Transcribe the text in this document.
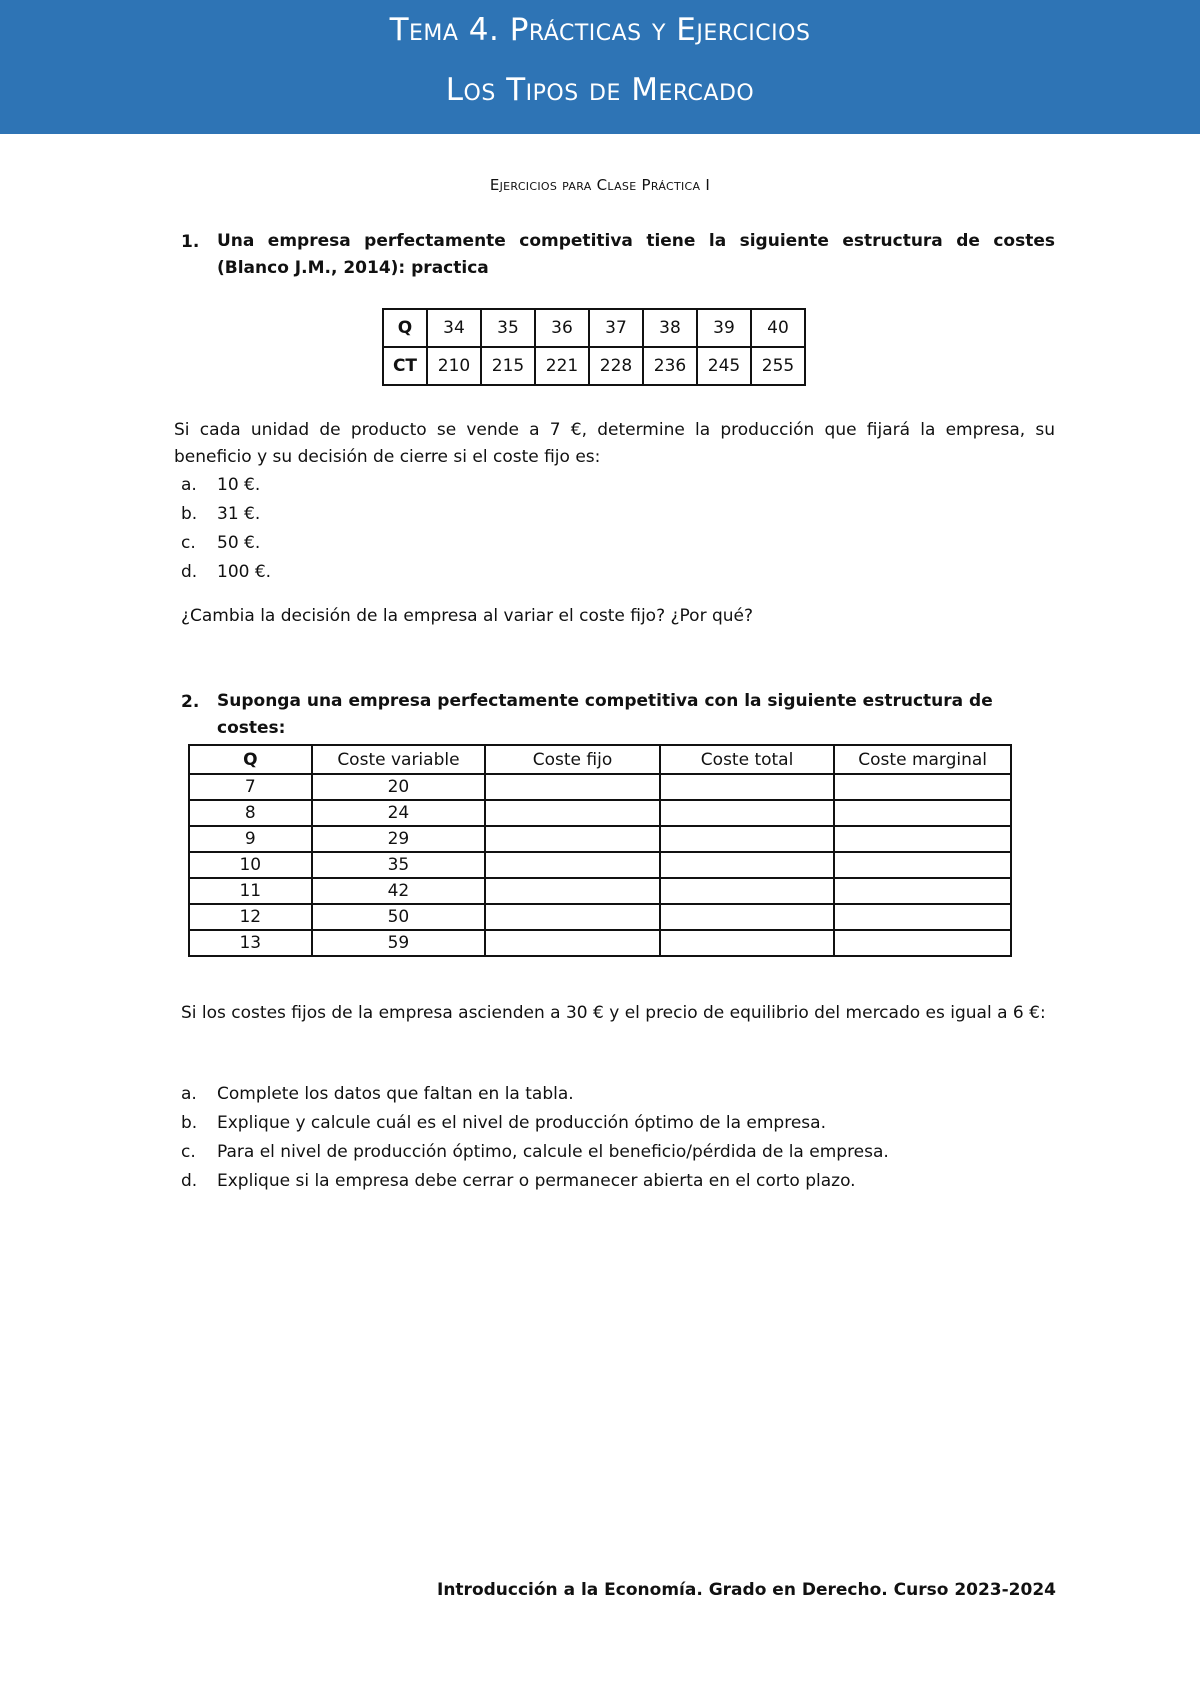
Tema 4. Prácticas y Ejercicios
Los Tipos de Mercado
Ejercicios para Clase Práctica I
1. Una empresa perfectamente competitiva tiene la siguiente estructura de costes (Blanco J.M., 2014): practica
Q	34	35	36	37	38	39	40
CT	210	215	221	228	236	245	255
Si cada unidad de producto se vende a 7 €, determine la producción que fijará la empresa, su beneficio y su decisión de cierre si el coste fijo es:
a. 10 €.
b. 31 €.
c. 50 €.
d. 100 €.
¿Cambia la decisión de la empresa al variar el coste fijo? ¿Por qué?
2. Suponga una empresa perfectamente competitiva con la siguiente estructura de costes:
Q	Coste variable	Coste fijo	Coste total	Coste marginal
7	20			
8	24			
9	29			
10	35			
11	42			
12	50			
13	59			
Si los costes fijos de la empresa ascienden a 30 € y el precio de equilibrio del mercado es igual a 6 €:
a. Complete los datos que faltan en la tabla.
b. Explique y calcule cuál es el nivel de producción óptimo de la empresa.
c. Para el nivel de producción óptimo, calcule el beneficio/pérdida de la empresa.
d. Explique si la empresa debe cerrar o permanecer abierta en el corto plazo.
Introducción a la Economía. Grado en Derecho. Curso 2023-2024
